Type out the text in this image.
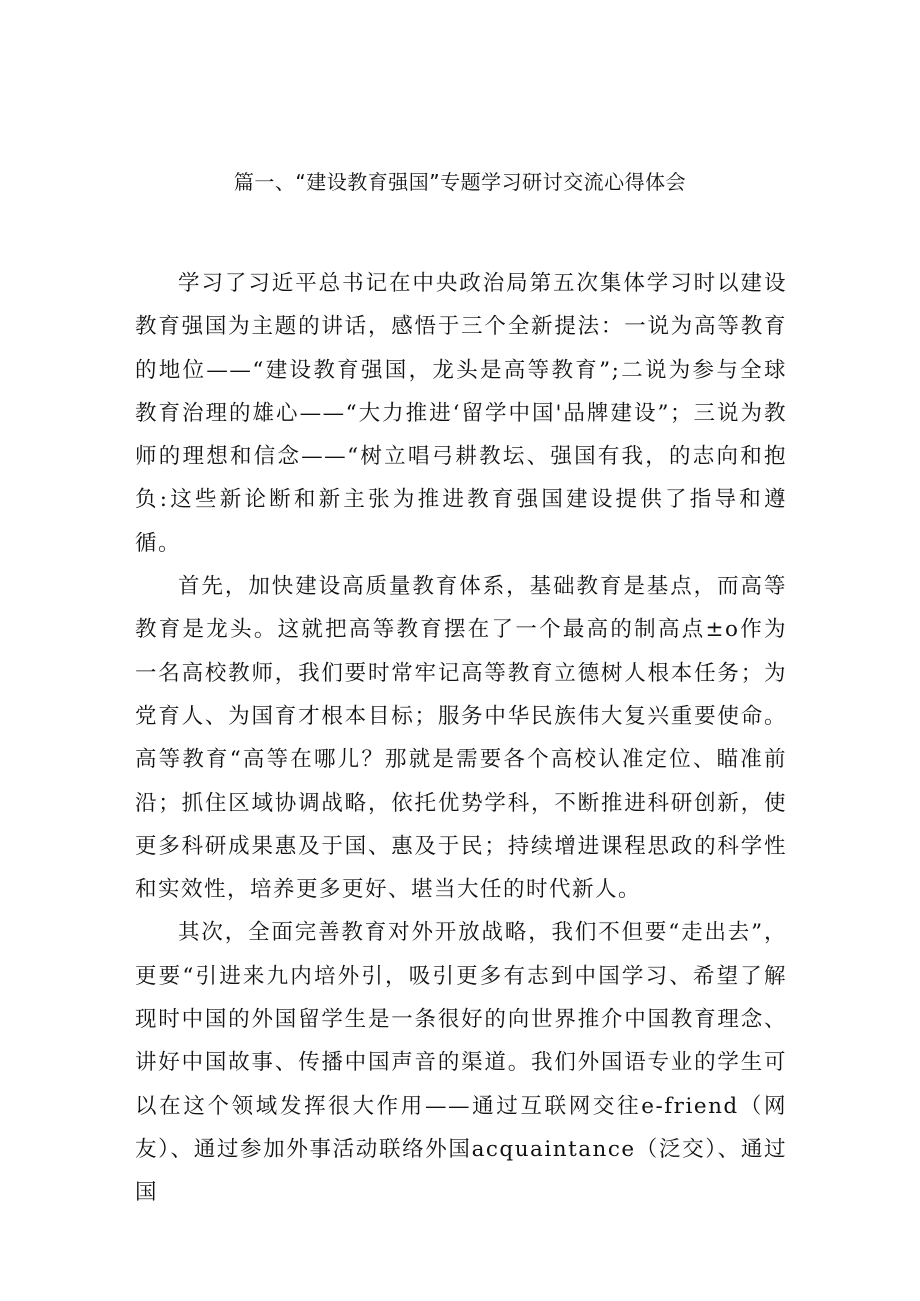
篇一、“建设教育强国”专题学习研讨交流心得体会

学习了习近平总书记在中央政治局第五次集体学习时以建设教育强国为主题的讲话，感悟于三个全新提法：一说为高等教育的地位——“建设教育强国，龙头是高等教育”;二说为参与全球教育治理的雄心——“大力推进‘留学中国'品牌建设”；三说为教师的理想和信念——“树立唱弓耕教坛、强国有我，的志向和抱负:这些新论断和新主张为推进教育强国建设提供了指导和遵循。

首先，加快建设高质量教育体系，基础教育是基点，而高等教育是龙头。这就把高等教育摆在了一个最高的制高点±o作为一名高校教师，我们要时常牢记高等教育立德树人根本任务；为党育人、为国育才根本目标；服务中华民族伟大复兴重要使命。高等教育“高等在哪儿？那就是需要各个高校认准定位、瞄准前沿；抓住区域协调战略，依托优势学科，不断推进科研创新，使更多科研成果惠及于国、惠及于民；持续增进课程思政的科学性和实效性，培养更多更好、堪当大任的时代新人。

其次，全面完善教育对外开放战略，我们不但要“走出去”，更要“引进来九内培外引，吸引更多有志到中国学习、希望了解现时中国的外国留学生是一条很好的向世界推介中国教育理念、讲好中国故事、传播中国声音的渠道。我们外国语专业的学生可以在这个领域发挥很大作用——通过互联网交往e-friend（网友）、通过参加外事活动联络外国acquaintance（泛交）、通过国
